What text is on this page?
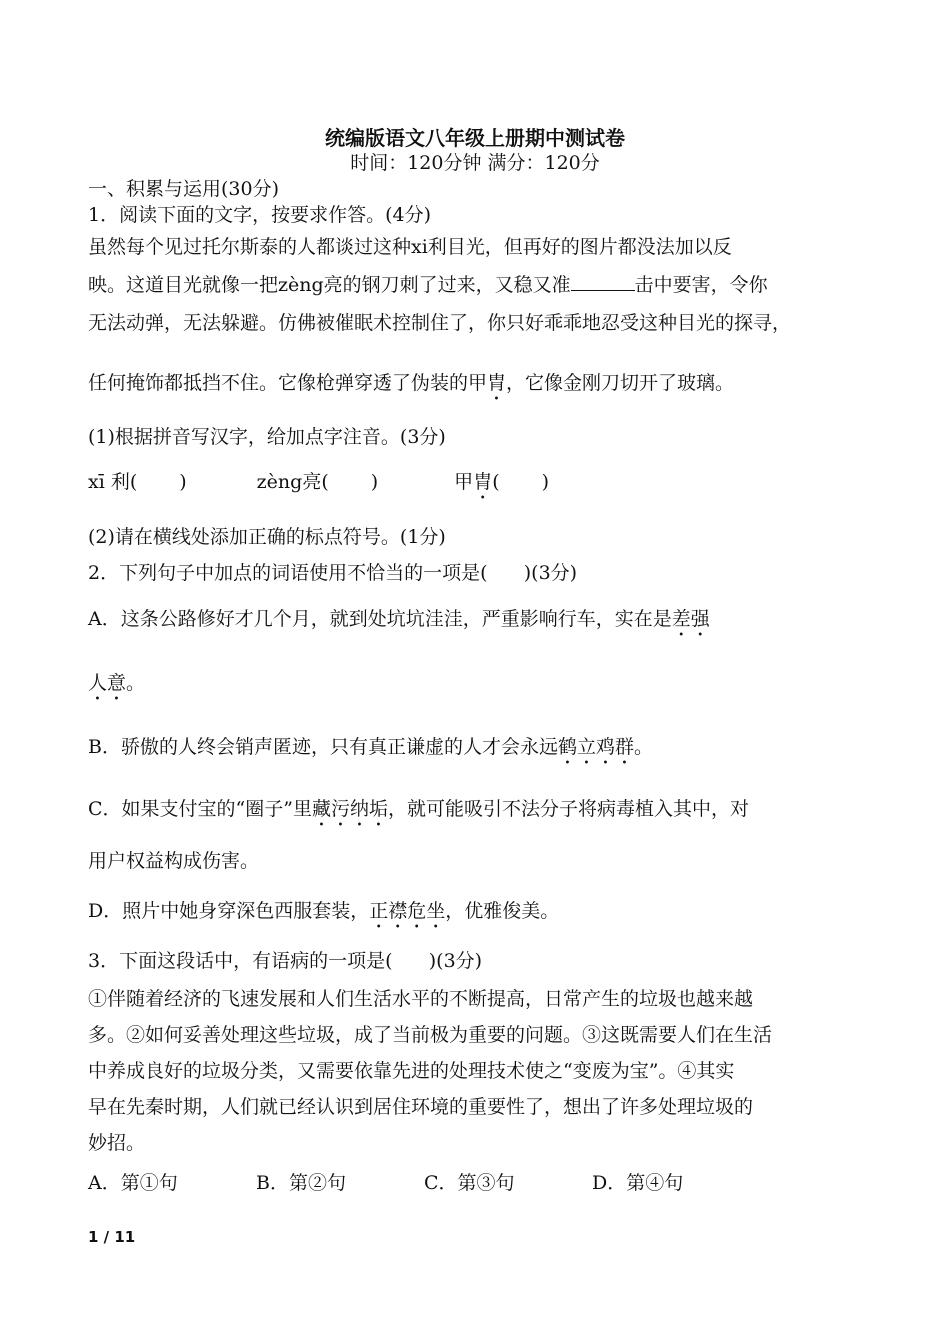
统编版语文八年级上册期中测试卷
时间：120分钟 满分：120分
一、积累与运用(30分)
1．阅读下面的文字，按要求作答。(4分)
虽然每个见过托尔斯泰的人都谈过这种xi利目光，但再好的图片都没法加以反
映。这道目光就像一把zèng亮的钢刀刺了过来，又稳又准	击中要害，令你
无法动弹，无法躲避。仿佛被催眠术控制住了，你只好乖乖地忍受这种目光的探寻，
任何掩饰都抵挡不住。它像枪弹穿透了伪装的甲胄，它像金刚刀切开了玻璃。
(1)根据拼音写汉字，给加点字注音。(3分)
xī 利( )	zèng亮( )	甲胄( )
(2)请在横线处添加正确的标点符号。(1分)
2．下列句子中加点的词语使用不恰当的一项是(      )(3分)
A．这条公路修好才几个月，就到处坑坑洼洼，严重影响行车，实在是差强
人意。
B．骄傲的人终会销声匿迹，只有真正谦虚的人才会永远鹤立鸡群。
C．如果支付宝的“圈子”里藏污纳垢，就可能吸引不法分子将病毒植入其中，对
用户权益构成伤害。
D．照片中她身穿深色西服套装，正襟危坐，优雅俊美。
3．下面这段话中，有语病的一项是(      )(3分)
①伴随着经济的飞速发展和人们生活水平的不断提高，日常产生的垃圾也越来越
多。②如何妥善处理这些垃圾，成了当前极为重要的问题。③这既需要人们在生活
中养成良好的垃圾分类，又需要依靠先进的处理技术使之“变废为宝”。④其实
早在先秦时期，人们就已经认识到居住环境的重要性了，想出了许多处理垃圾的
妙招。
A．第①句	B．第②句	C．第③句	D．第④句
1 / 11
